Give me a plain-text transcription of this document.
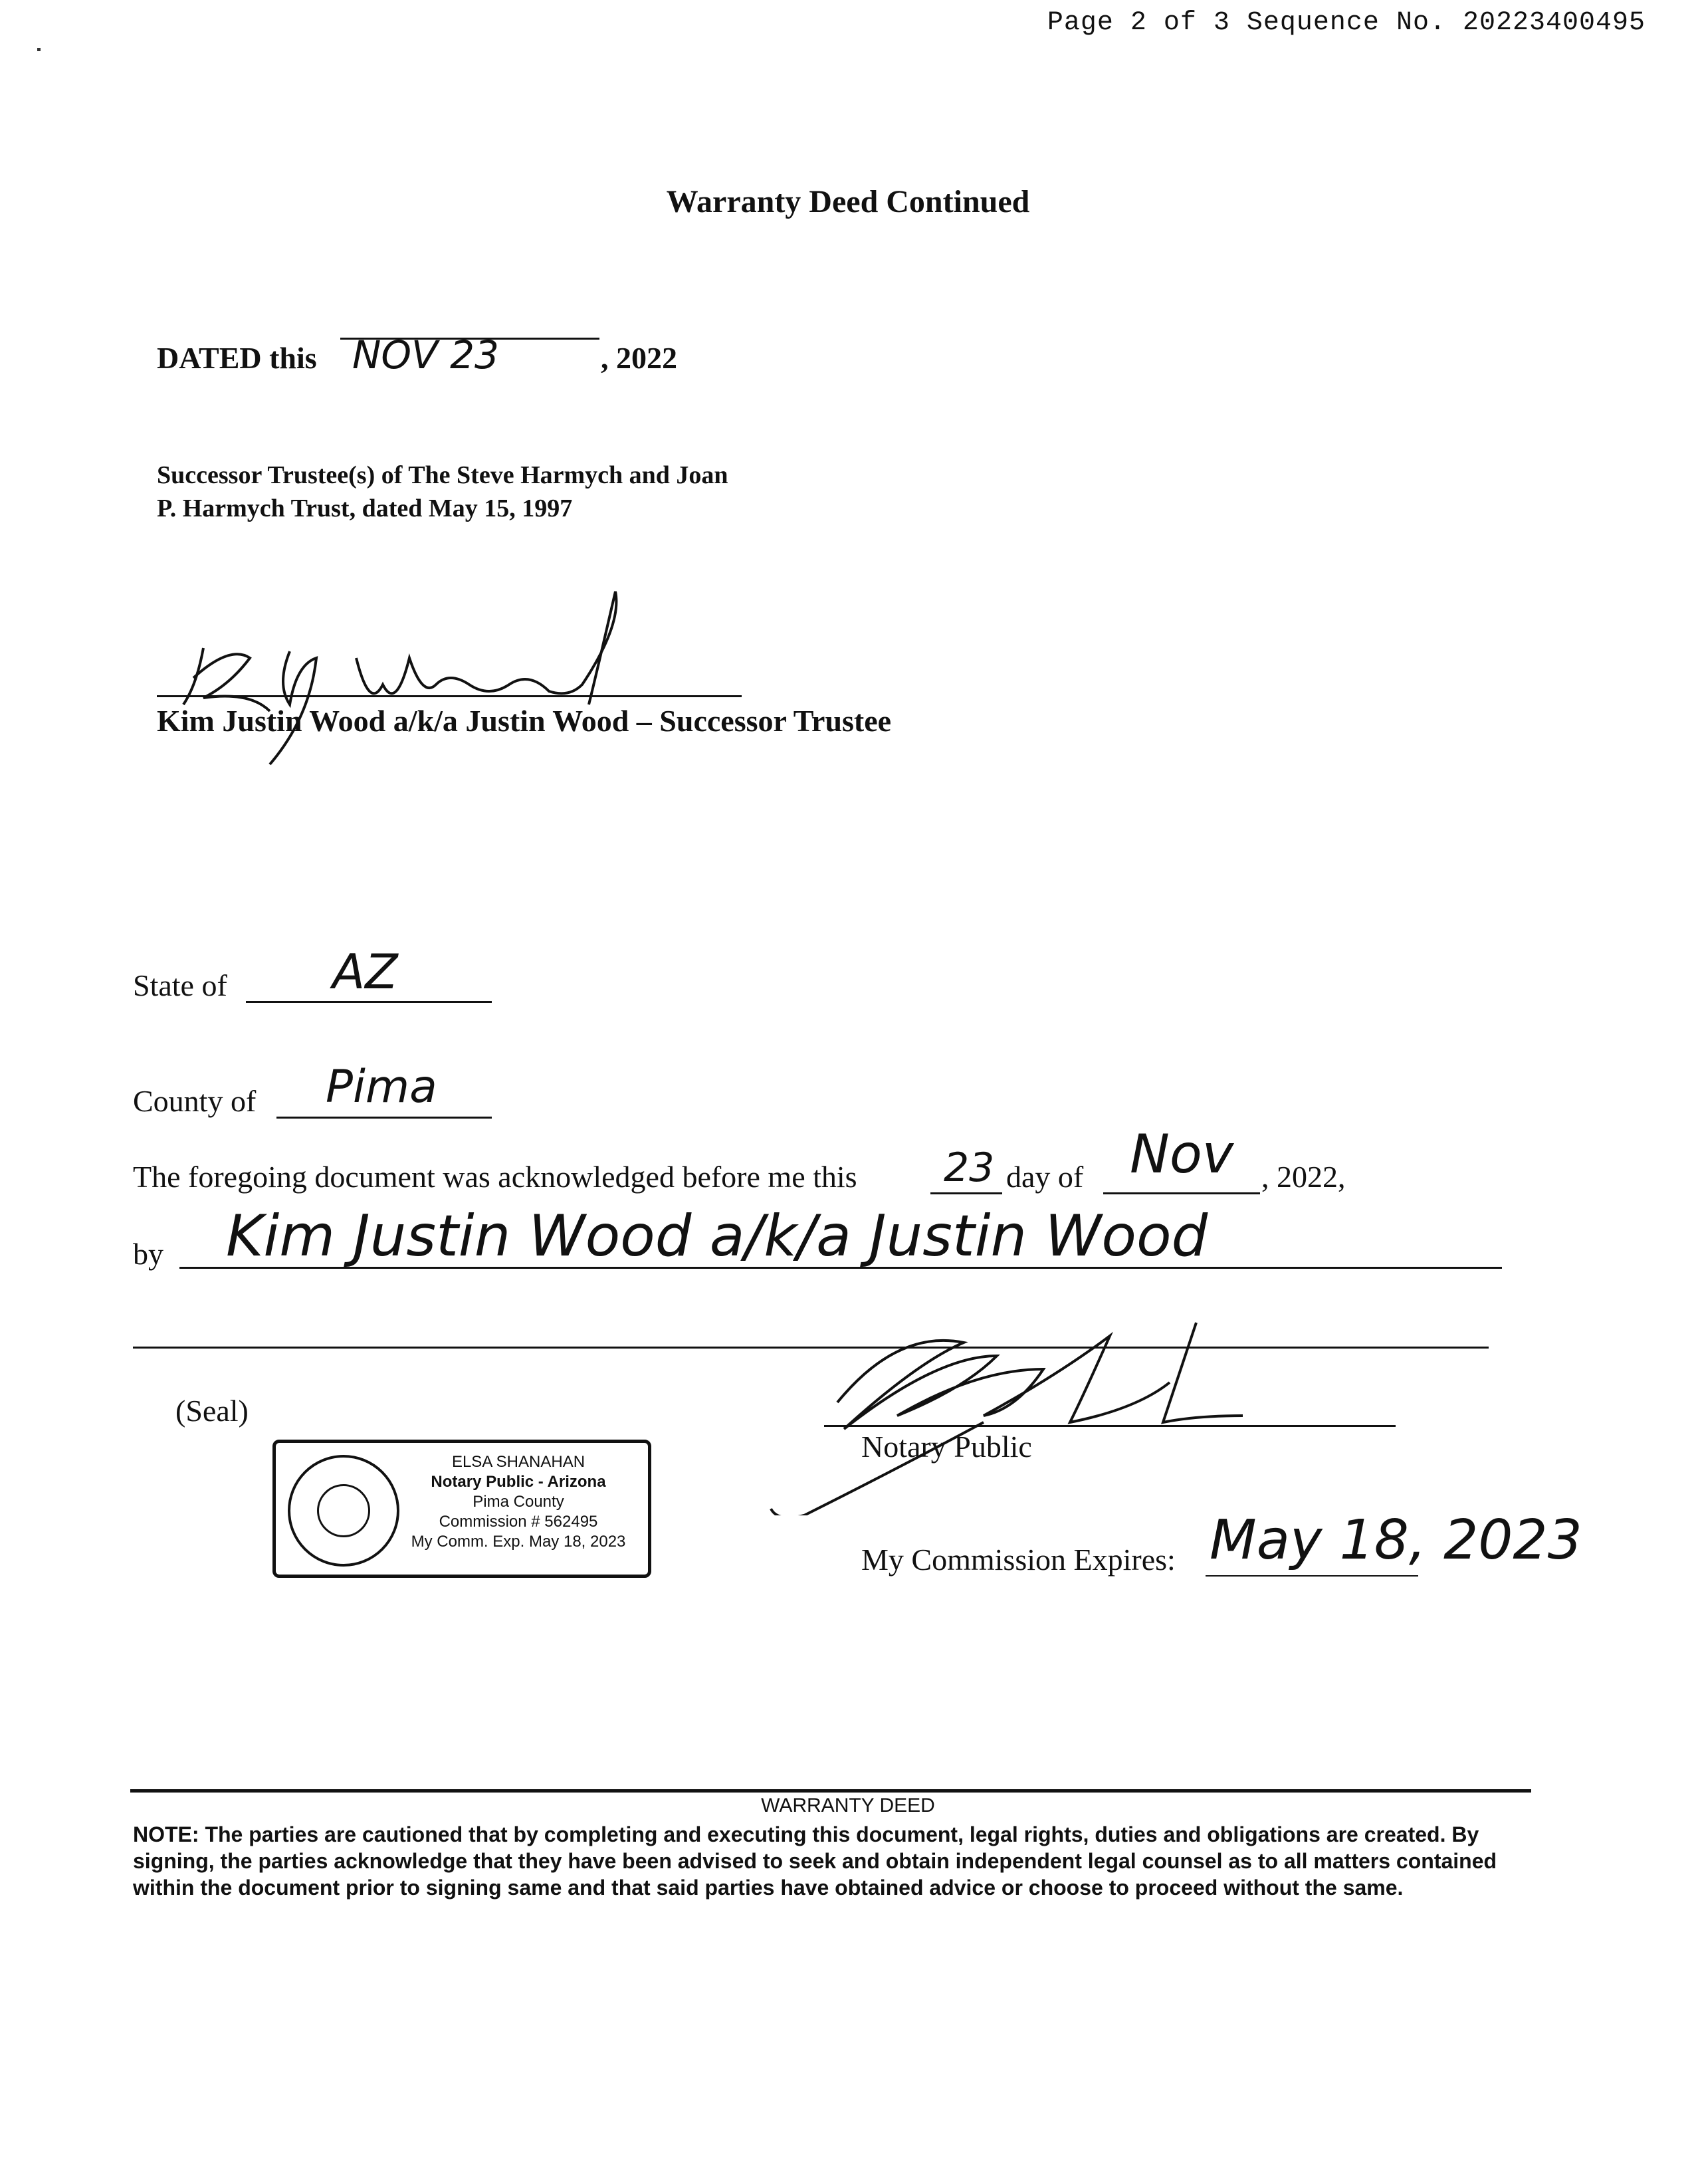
Page 2 of 3 Sequence No. 20223400495
Warranty Deed Continued
DATED this NOV 23	, 2022
Successor Trustee(s) of The Steve Harmych and Joan
P. Harmych Trust, dated May 15, 1997
Kim Justin Wood a/k/a Justin Wood – Successor Trustee
State of AZ
County of Pima
The foregoing document was acknowledged before me this 23 day of Nov , 2022,
by Kim Justin Wood a/k/a Justin Wood
(Seal)
ELSA SHANAHAN
Notary Public - Arizona
Pima County
Commission # 562495
My Comm. Exp. May 18, 2023
Notary Public
My Commission Expires: May 18, 2023
WARRANTY DEED
NOTE: The parties are cautioned that by completing and executing this document, legal rights, duties and obligations are created. By signing, the parties acknowledge that they have been advised to seek and obtain independent legal counsel as to all matters contained within the document prior to signing same and that said parties have obtained advice or choose to proceed without the same.
